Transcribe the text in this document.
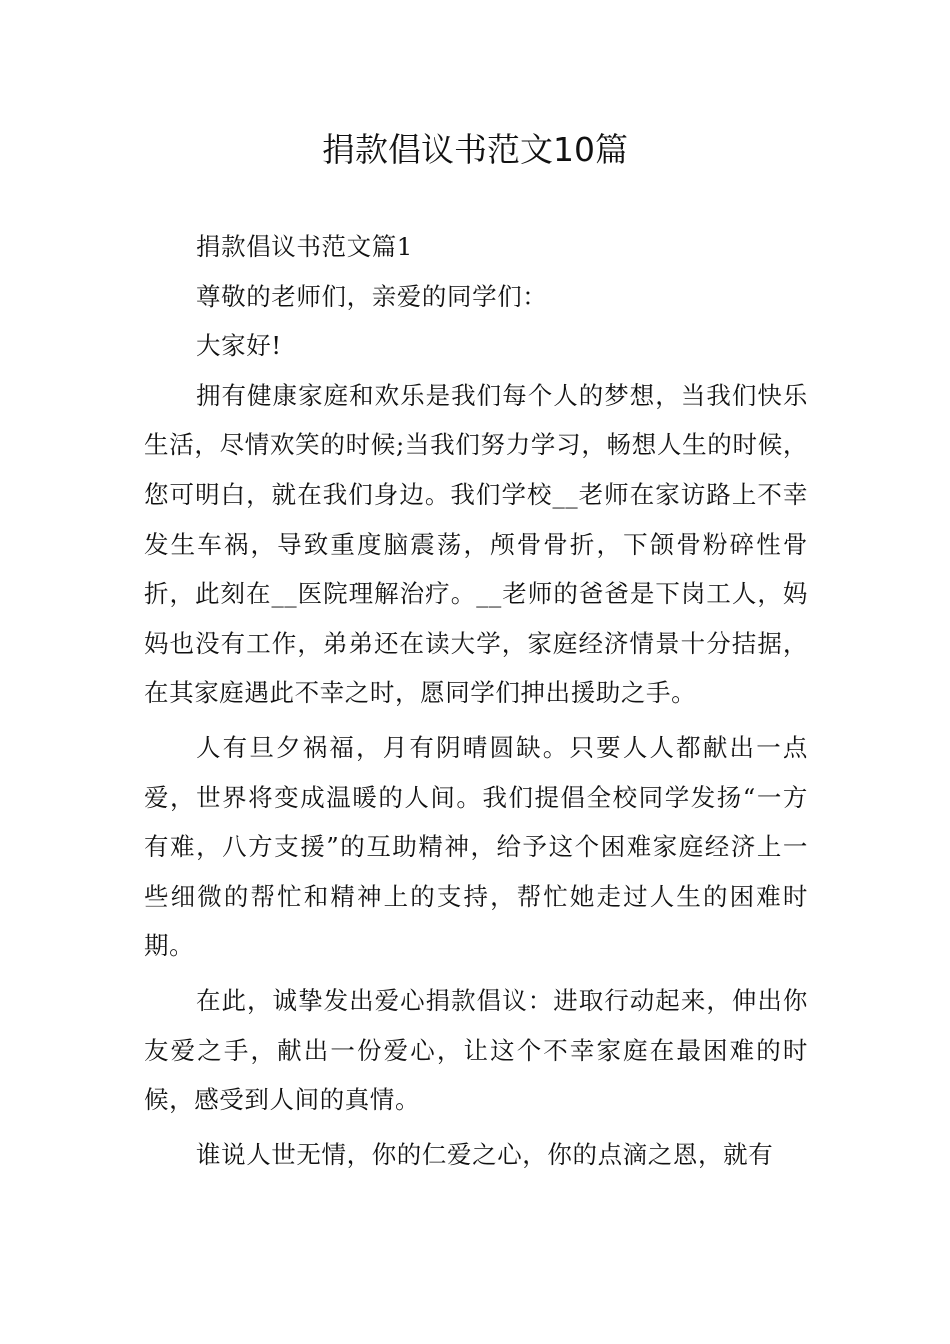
捐款倡议书范文10篇

捐款倡议书范文篇1

尊敬的老师们，亲爱的同学们：

大家好!

拥有健康家庭和欢乐是我们每个人的梦想，当我们快乐生活，尽情欢笑的时候;当我们努力学习，畅想人生的时候，您可明白，就在我们身边。我们学校__老师在家访路上不幸发生车祸，导致重度脑震荡，颅骨骨折，下颌骨粉碎性骨折，此刻在__医院理解治疗。__老师的爸爸是下岗工人，妈妈也没有工作，弟弟还在读大学，家庭经济情景十分拮据，在其家庭遇此不幸之时，愿同学们抻出援助之手。

人有旦夕祸福，月有阴晴圆缺。只要人人都献出一点爱，世界将变成温暖的人间。我们提倡全校同学发扬“一方有难，八方支援”的互助精神，给予这个困难家庭经济上一些细微的帮忙和精神上的支持，帮忙她走过人生的困难时期。

在此，诚挚发出爱心捐款倡议：进取行动起来，伸出你友爱之手，献出一份爱心，让这个不幸家庭在最困难的时候，感受到人间的真情。

谁说人世无情，你的仁爱之心，你的点滴之恩，就有
